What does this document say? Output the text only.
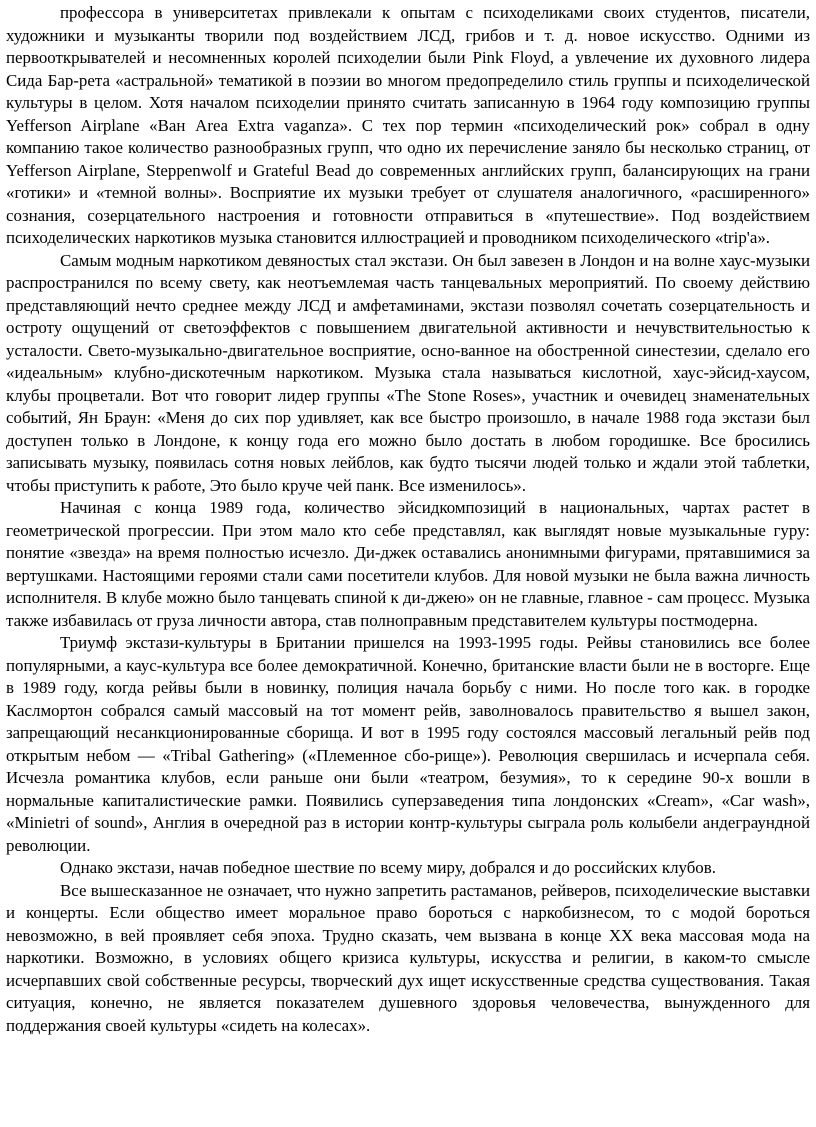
профессора в университетах привлекали к опытам с психоделиками своих студентов, писатели, художники и музыканты творили под воздействием ЛСД, грибов и т. д. новое искусство. Одними из первооткрывателей и несомненных королей психоделии были Pink Floyd, а увлечение их духовного лидера Сида Бар-рета «астральной» тематикой в поэзии во многом предопределило стиль группы и психоделической культуры в целом. Хотя началом психоделии принято считать записанную в 1964 году композицию группы Yefferson Airplane «Ван Area Extra vaganza». С тех пор термин «психоделический рок» собрал в одну компанию такое количество разнообразных групп, что одно их перечисление заняло бы несколько страниц, от Yefferson Airplane, Steppenwolf и Grateful Bead до современных английских групп, балансирующих на грани «готики» и «темной волны». Восприятие их музыки требует от слушателя аналогичного, «расширенного» сознания, созерцательного настроения и готовности отправиться в «путешествие». Под воздействием психоделических наркотиков музыка становится иллюстрацией и проводником психоделического «trip'a».

Самым модным наркотиком девяностых стал экстази. Он был завезен в Лондон и на волне хаус-музыки распространился по всему свету, как неотъемлемая часть танцевальных мероприятий. По своему действию представляющий нечто среднее между ЛСД и амфетаминами, экстази позволял сочетать созерцательность и остроту ощущений от светоэффектов с повышением двигательной активности и нечувствительностью к усталости. Свето-музыкально-двигательное восприятие, осно-ванное на обостренной синестезии, сделало его «идеальным» клубно-дискотечным наркотиком. Музыка стала называться кислотной, хаус-эйсид-хаусом, клубы процветали. Вот что говорит лидер группы «The Stone Roses», участник и очевидец знаменательных событий, Ян Браун: «Меня до сих пор удивляет, как все быстро произошло, в начале 1988 года экстази был доступен только в Лондоне, к концу года его можно было достать в любом городишке. Все бросились записывать музыку, появилась сотня новых лейблов, как будто тысячи людей только и ждали этой таблетки, чтобы приступить к работе, Это было круче чей панк. Все изменилось».

Начиная с конца 1989 года, количество эйсидкомпозиций в национальных, чартах растет в геометрической прогрессии. При этом мало кто себе представлял, как выглядят новые музыкальные гуру: понятие «звезда» на время полностью исчезло. Ди-джек оставались анонимными фигурами, прятавшимися за вертушками. Настоящими героями стали сами посетители клубов. Для новой музыки не была важна личность исполнителя. В клубе можно было танцевать спиной к ди-джею» он не главные, главное - сам процесс. Музыка также избавилась от груза личности автора, став полноправным представителем культуры постмодерна.

Триумф экстази-культуры в Британии пришелся на 1993-1995 годы. Рейвы становились все более популярными, а каус-культура все более демократичной. Конечно, британские власти были не в восторге. Еще в 1989 году, когда рейвы были в новинку, полиция начала борьбу с ними. Но после того как. в городке Каслмортон собрался самый массовый на тот момент рейв, заволновалось правительство я вышел закон, запрещающий несанкционированные сборища. И вот в 1995 году состоялся массовый легальный рейв под открытым небом — «Tribal Gathering» («Племенное сбо-рище»). Революция свершилась и исчерпала себя. Исчезла романтика клубов, если раньше они были «театром, безумия», то к середине 90-х вошли в нормальные капиталистические рамки. Появились суперзаведения типа лондонских «Cream», «Car wash», «Minietri of sound», Англия в очередной раз в истории контр-культуры сыграла роль колыбели андеграундной революции.

Однако экстази, начав победное шествие по всему миру, добрался и до российских клубов.

Все вышесказанное не означает, что нужно запретить растаманов, рейверов, психоделические выставки и концерты. Если общество имеет моральное право бороться с наркобизнесом, то с модой бороться невозможно, в вей проявляет себя эпоха. Трудно сказать, чем вызвана в конце XX века массовая мода на наркотики. Возможно, в условиях общего кризиса культуры, искусства и религии, в каком-то смысле исчерпавших свой собственные ресурсы, творческий дух ищет искусственные средства существования. Такая ситуация, конечно, не является показателем душевного здоровья человечества, вынужденного для поддержания своей культуры «сидеть на колесах».
